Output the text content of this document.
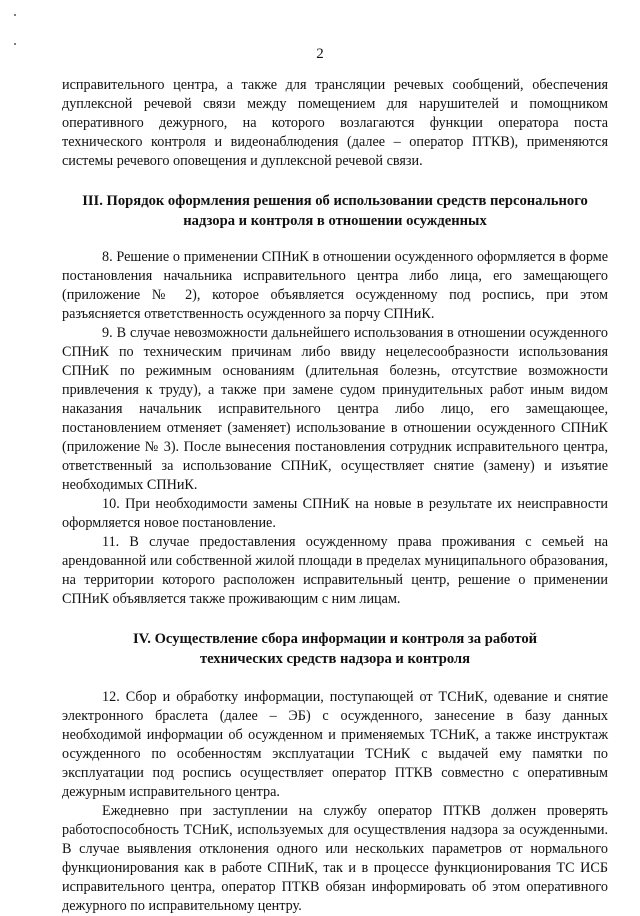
2

исправительного центра, а также для трансляции речевых сообщений, обеспечения дуплексной речевой связи между помещением для нарушителей и помощником оперативного дежурного, на которого возлагаются функции оператора поста технического контроля и видеонаблюдения (далее – оператор ПТКВ), применяются системы речевого оповещения и дуплексной речевой связи.

III. Порядок оформления решения об использовании средств персонального
надзора и контроля в отношении осужденных

8. Решение о применении СПНиК в отношении осужденного оформляется в форме постановления начальника исправительного центра либо лица, его замещающего (приложение № 2), которое объявляется осужденному под роспись, при этом разъясняется ответственность осужденного за порчу СПНиК.

9. В случае невозможности дальнейшего использования в отношении осужденного СПНиК по техническим причинам либо ввиду нецелесообразности использования СПНиК по режимным основаниям (длительная болезнь, отсутствие возможности привлечения к труду), а также при замене судом принудительных работ иным видом наказания начальник исправительного центра либо лицо, его замещающее, постановлением отменяет (заменяет) использование в отношении осужденного СПНиК (приложение № 3). После вынесения постановления сотрудник исправительного центра, ответственный за использование СПНиК, осуществляет снятие (замену) и изъятие необходимых СПНиК.

10. При необходимости замены СПНиК на новые в результате их неисправности оформляется новое постановление.

11. В случае предоставления осужденному права проживания с семьей на арендованной или собственной жилой площади в пределах муниципального образования, на территории которого расположен исправительный центр, решение о применении СПНиК объявляется также проживающим с ним лицам.

IV. Осуществление сбора информации и контроля за работой
технических средств надзора и контроля

12. Сбор и обработку информации, поступающей от ТСНиК, одевание и снятие электронного браслета (далее – ЭБ) с осужденного, занесение в базу данных необходимой информации об осужденном и применяемых ТСНиК, а также инструктаж осужденного по особенностям эксплуатации ТСНиК с выдачей ему памятки по эксплуатации под роспись осуществляет оператор ПТКВ совместно с оперативным дежурным исправительного центра.

Ежедневно при заступлении на службу оператор ПТКВ должен проверять работоспособность ТСНиК, используемых для осуществления надзора за осужденными. В случае выявления отклонения одного или нескольких параметров от нормального функционирования как в работе СПНиК, так и в процессе функционирования ТС ИСБ исправительного центра, оператор ПТКВ обязан информировать об этом оперативного дежурного по исправительному центру.
